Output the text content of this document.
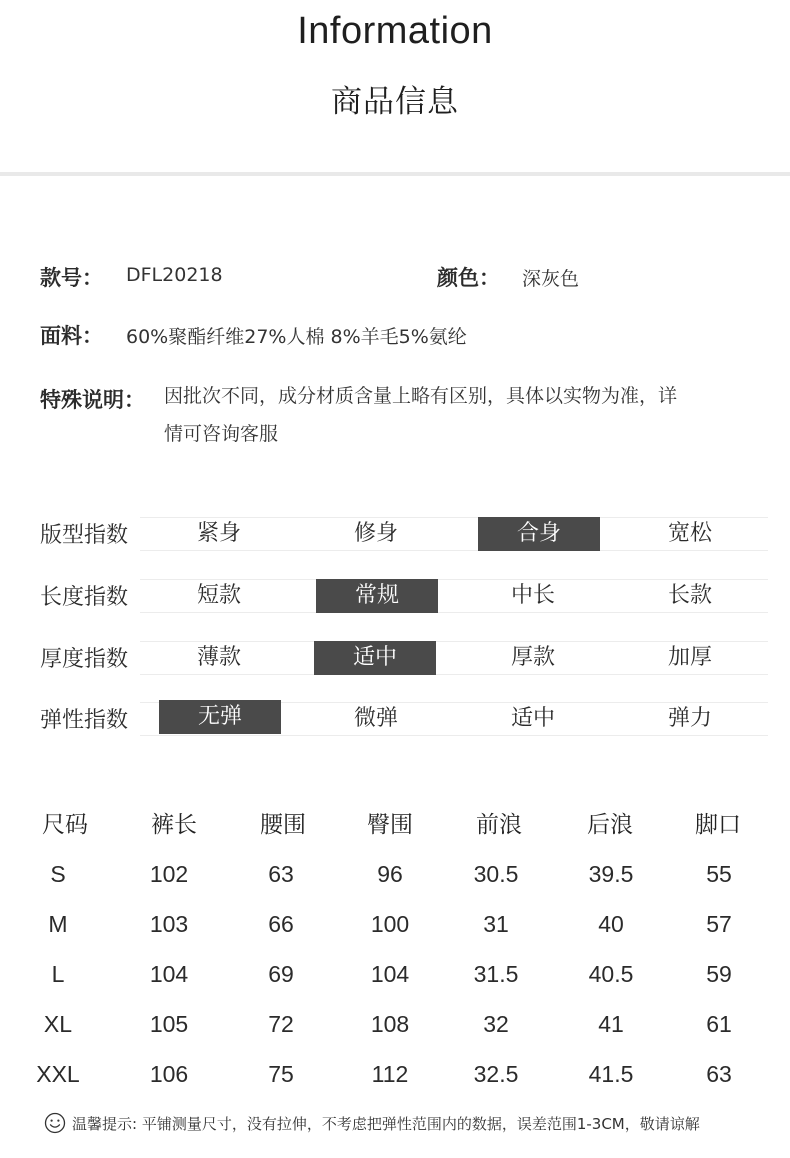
Information
商品信息
款号： DFL20218	颜色： 深灰色
面料： 60%聚酯纤维27%人棉 8%羊毛5%氨纶
特殊说明： 因批次不同，成分材质含量上略有区别，具体以实物为准，详情可咨询客服
版型指数	紧身	修身	合身	宽松
长度指数	短款	常规	中长	长款
厚度指数	薄款	适中	厚款	加厚
弹性指数	无弹	微弹	适中	弹力
尺码	裤长	腰围	臀围	前浪	后浪	脚口
S	102	63	96	30.5	39.5	55
M	103	66	100	31	40	57
L	104	69	104	31.5	40.5	59
XL	105	72	108	32	41	61
XXL	106	75	112	32.5	41.5	63
温馨提示: 平铺测量尺寸，没有拉伸，不考虑把弹性范围内的数据，误差范围1-3CM，敬请谅解
